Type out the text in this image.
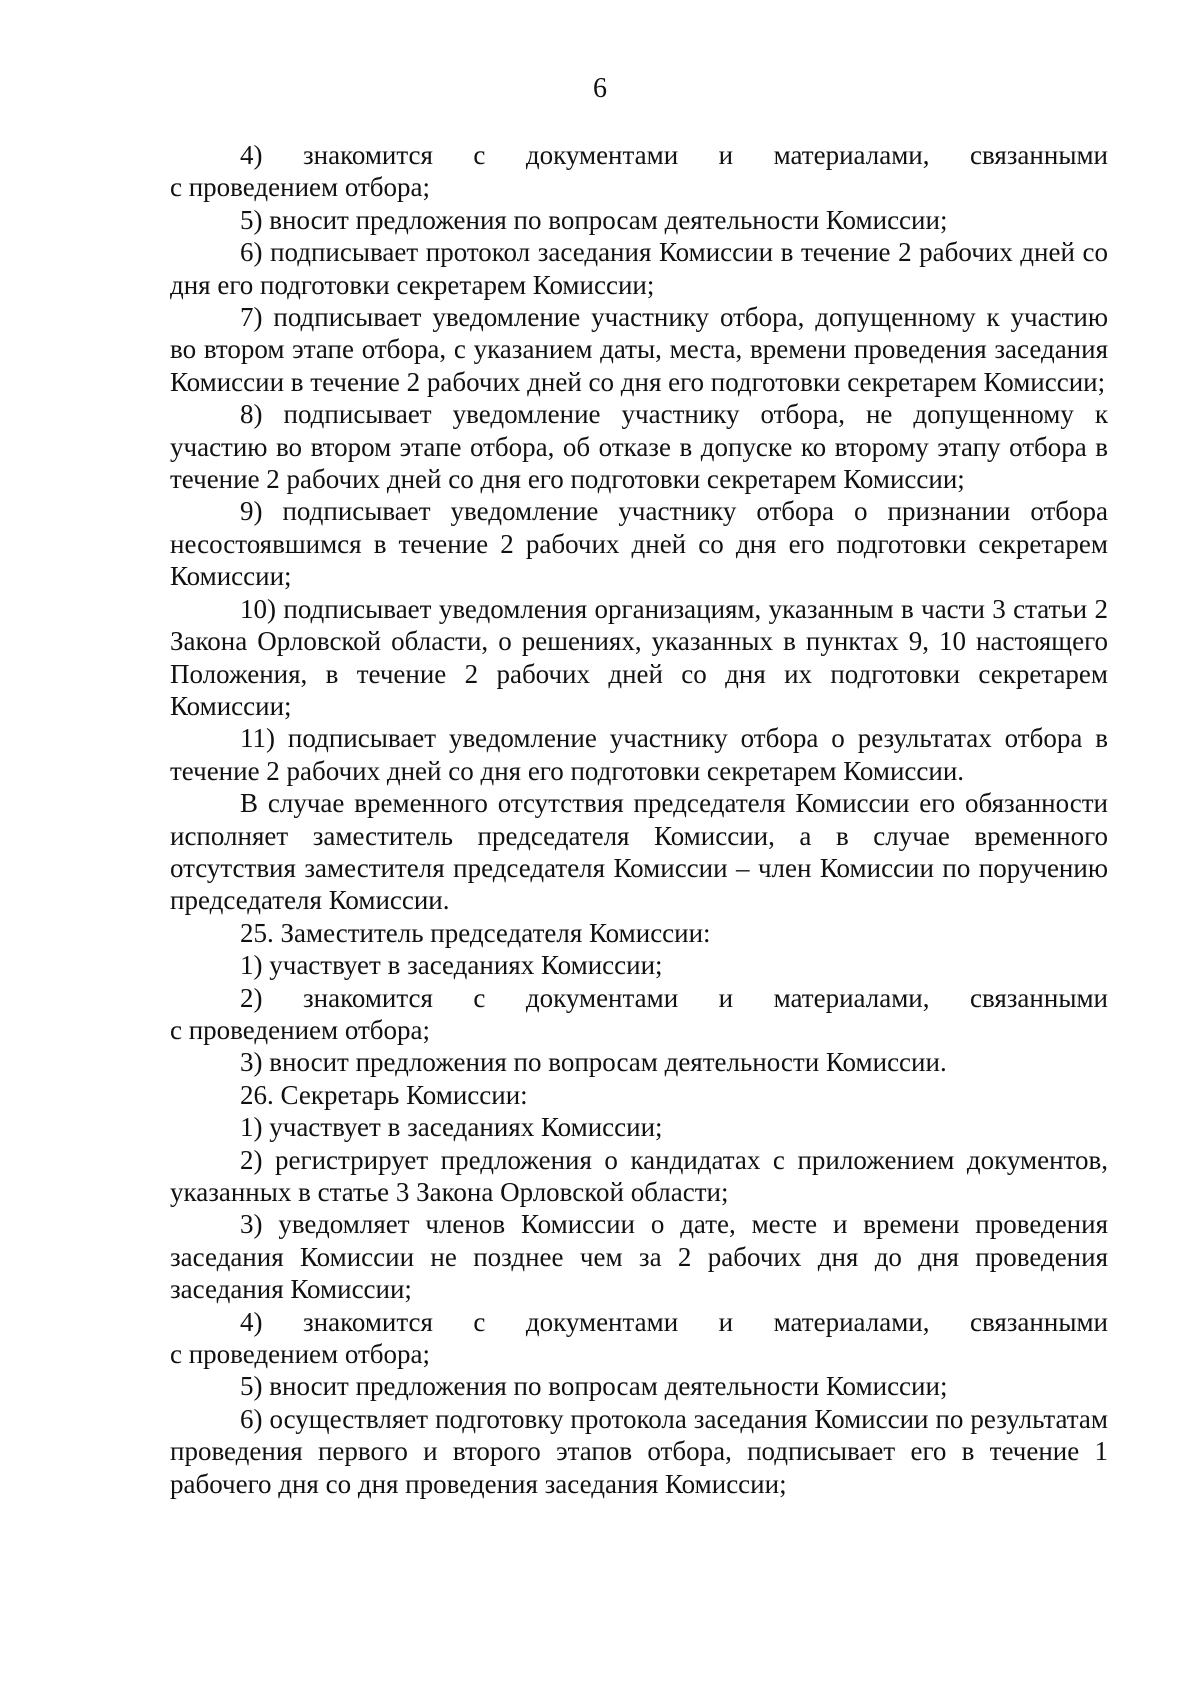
6

4) знакомится с документами и материалами, связанными

с проведением отбора;

5) вносит предложения по вопросам деятельности Комиссии;

6) подписывает протокол заседания Комиссии в течение 2 рабочих дней со дня его подготовки секретарем Комиссии;

7) подписывает уведомление участнику отбора, допущенному к участию во втором этапе отбора, с указанием даты, места, времени проведения заседания Комиссии в течение 2 рабочих дней со дня его подготовки секретарем Комиссии;

8) подписывает уведомление участнику отбора, не допущенному к участию во втором этапе отбора, об отказе в допуске ко второму этапу отбора в течение 2 рабочих дней со дня его подготовки секретарем Комиссии;

9) подписывает уведомление участнику отбора о признании отбора несостоявшимся в течение 2 рабочих дней со дня его подготовки секретарем Комиссии;

10) подписывает уведомления организациям, указанным в части 3 статьи 2 Закона Орловской области, о решениях, указанных в пунктах 9, 10 настоящего Положения, в течение 2 рабочих дней со дня их подготовки секретарем Комиссии;

11) подписывает уведомление участнику отбора о результатах отбора в течение 2 рабочих дней со дня его подготовки секретарем Комиссии.

В случае временного отсутствия председателя Комиссии его обязанности исполняет заместитель председателя Комиссии, а в случае временного отсутствия заместителя председателя Комиссии – член Комиссии по поручению председателя Комиссии.

25. Заместитель председателя Комиссии:

1) участвует в заседаниях Комиссии;

2) знакомится с документами и материалами, связанными

с проведением отбора;

3) вносит предложения по вопросам деятельности Комиссии.

26. Секретарь Комиссии:

1) участвует в заседаниях Комиссии;

2) регистрирует предложения о кандидатах с приложением документов, указанных в статье 3 Закона Орловской области;

3) уведомляет членов Комиссии о дате, месте и времени проведения заседания Комиссии не позднее чем за 2 рабочих дня до дня проведения заседания Комиссии;

4) знакомится с документами и материалами, связанными

с проведением отбора;

5) вносит предложения по вопросам деятельности Комиссии;

6) осуществляет подготовку протокола заседания Комиссии по результатам проведения первого и второго этапов отбора, подписывает его в течение 1 рабочего дня со дня проведения заседания Комиссии;
